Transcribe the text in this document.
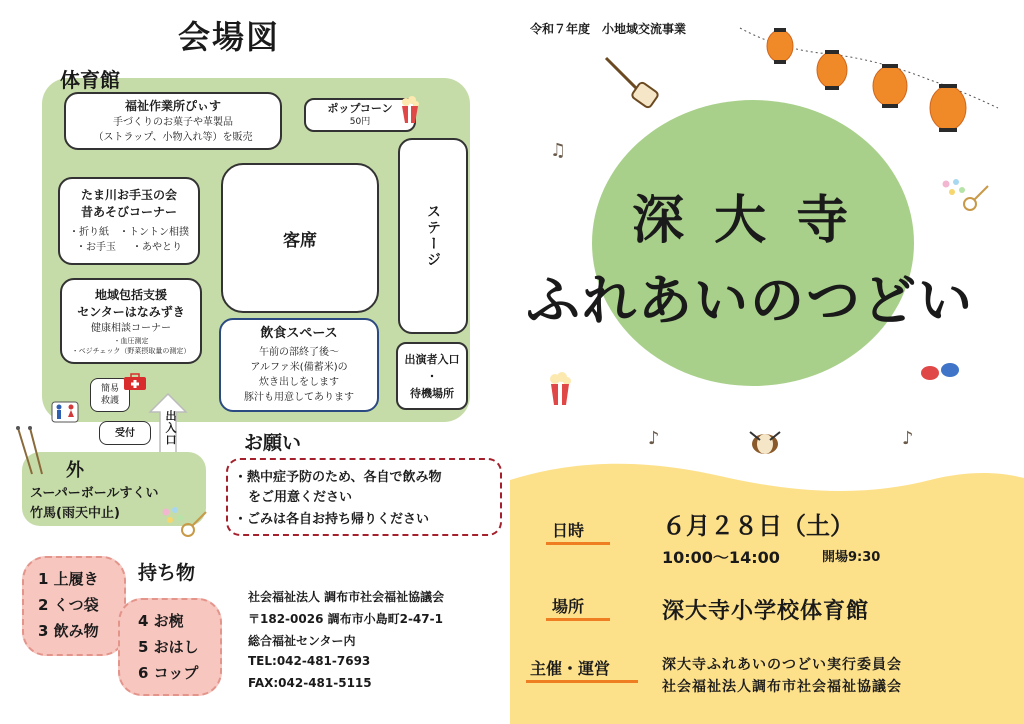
会場図
体育館
福祉作業所ぴぃす
手づくりのお菓子や革製品
（ストラップ、小物入れ等）を販売
ポップコーン
50円
たま川お手玉の会
昔あそびコーナー
・折り紙 ・トントン相撲
・お手玉 ・あやとり	客席	ステージ
地域包括支援
センターはなみずき
健康相談コーナー
・血圧測定
・ベジチェック（野菜摂取量の測定）
飲食スペース
午前の部終了後～
アルファ米(備蓄米)の
炊き出しをします
豚汁も用意してあります
出演者入口
・
待機場所
簡易
救護
受付	出入口
外
スーパーボールすくい
竹馬(雨天中止)
お願い
・熱中症予防のため、各自で飲み物
をご用意ください
・ごみは各自お持ち帰りください
持ち物
1 上履き
2 くつ袋
3 飲み物
4 お椀
5 おはし
6 コップ
社会福祉法人 調布市社会福祉協議会
〒182-0026 調布市小島町2-47-1
総合福祉センター内
TEL:042-481-7693
FAX:042-481-5115
令和７年度　小地域交流事業
♫
♪	♪
深 大 寺
ふれあいのつどい
日時	６月２８日（土）
10:00～14:00	開場9:30
場所	深大寺小学校体育館
主催・運営	深大寺ふれあいのつどい実行委員会
社会福祉法人調布市社会福祉協議会
